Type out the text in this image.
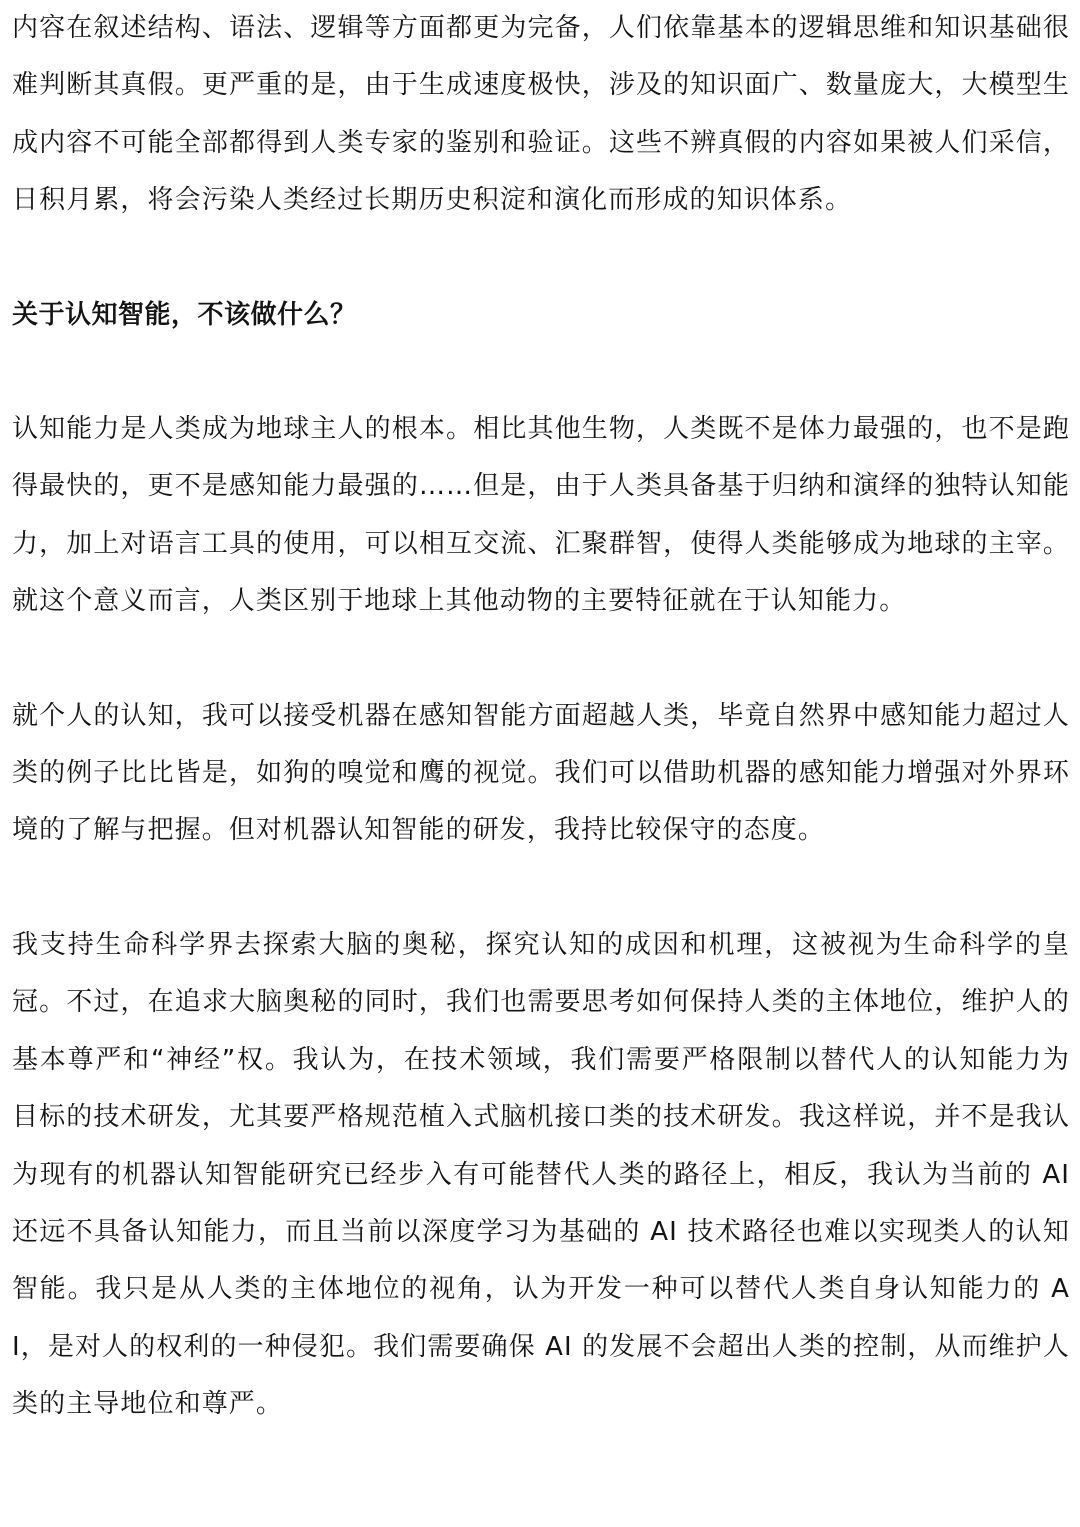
内容在叙述结构、语法、逻辑等方面都更为完备，人们依靠基本的逻辑思维和知识基础很难判断其真假。更严重的是，由于生成速度极快，涉及的知识面广、数量庞大，大模型生成内容不可能全部都得到人类专家的鉴别和验证。这些不辨真假的内容如果被人们采信，日积月累，将会污染人类经过长期历史积淀和演化而形成的知识体系。

关于认知智能，不该做什么？

认知能力是人类成为地球主人的根本。相比其他生物，人类既不是体力最强的，也不是跑得最快的，更不是感知能力最强的……但是，由于人类具备基于归纳和演绎的独特认知能力，加上对语言工具的使用，可以相互交流、汇聚群智，使得人类能够成为地球的主宰。就这个意义而言，人类区别于地球上其他动物的主要特征就在于认知能力。

就个人的认知，我可以接受机器在感知智能方面超越人类，毕竟自然界中感知能力超过人类的例子比比皆是，如狗的嗅觉和鹰的视觉。我们可以借助机器的感知能力增强对外界环境的了解与把握。但对机器认知智能的研发，我持比较保守的态度。

我支持生命科学界去探索大脑的奥秘，探究认知的成因和机理，这被视为生命科学的皇冠。不过，在追求大脑奥秘的同时，我们也需要思考如何保持人类的主体地位，维护人的基本尊严和“神经”权。我认为，在技术领域，我们需要严格限制以替代人的认知能力为目标的技术研发，尤其要严格规范植入式脑机接口类的技术研发。我这样说，并不是我认为现有的机器认知智能研究已经步入有可能替代人类的路径上，相反，我认为当前的 AI 还远不具备认知能力，而且当前以深度学习为基础的 AI 技术路径也难以实现类人的认知智能。我只是从人类的主体地位的视角，认为开发一种可以替代人类自身认知能力的 AI，是对人的权利的一种侵犯。我们需要确保 AI 的发展不会超出人类的控制，从而维护人类的主导地位和尊严。
